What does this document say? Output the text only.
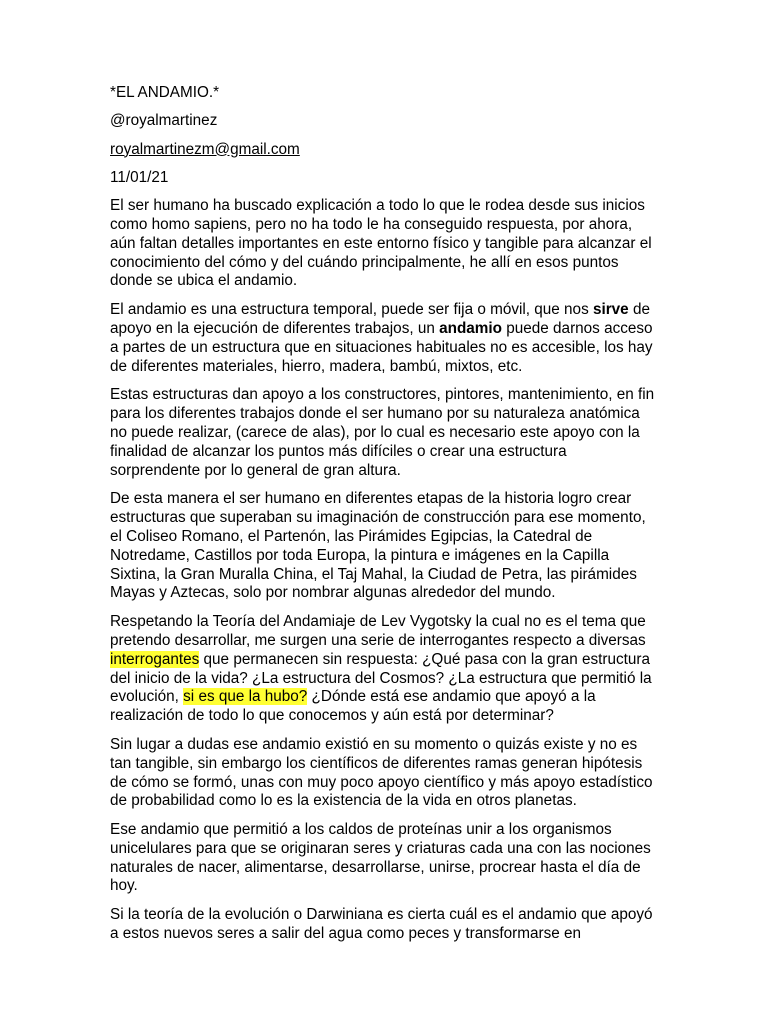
*EL ANDAMIO.*
@royalmartinez
royalmartinezm@gmail.com
11/01/21

El ser humano ha buscado explicación a todo lo que le rodea desde sus inicios como homo sapiens, pero no ha todo le ha conseguido respuesta, por ahora, aún faltan detalles importantes en este entorno físico y tangible para alcanzar el conocimiento del cómo y del cuándo principalmente, he allí en esos puntos donde se ubica el andamio.

El andamio es una estructura temporal, puede ser fija o móvil, que nos sirve de apoyo en la ejecución de diferentes trabajos, un andamio puede darnos acceso a partes de un estructura que en situaciones habituales no es accesible, los hay de diferentes materiales, hierro, madera, bambú, mixtos, etc.

Estas estructuras dan apoyo a los constructores, pintores, mantenimiento, en fin para los diferentes trabajos donde el ser humano por su naturaleza anatómica no puede realizar, (carece de alas), por lo cual es necesario este apoyo con la finalidad de alcanzar los puntos más difíciles o crear una estructura sorprendente por lo general de gran altura.

De esta manera el ser humano en diferentes etapas de la historia logro crear estructuras que superaban su imaginación de construcción para ese momento, el Coliseo Romano, el Partenón, las Pirámides Egipcias, la Catedral de Notredame, Castillos por toda Europa, la pintura e imágenes en la Capilla Sixtina, la Gran Muralla China, el Taj Mahal, la Ciudad de Petra, las pirámides Mayas y Aztecas, solo por nombrar algunas alrededor del mundo.

Respetando la Teoría del Andamiaje de Lev Vygotsky la cual no es el tema que pretendo desarrollar, me surgen una serie de interrogantes respecto a diversas interrogantes que permanecen sin respuesta: ¿Qué pasa con la gran estructura del inicio de la vida? ¿La estructura del Cosmos? ¿La estructura que permitió la evolución, si es que la hubo? ¿Dónde está ese andamio que apoyó a la realización de todo lo que conocemos y aún está por determinar?

Sin lugar a dudas ese andamio existió en su momento o quizás existe y no es tan tangible, sin embargo los científicos de diferentes ramas generan hipótesis de cómo se formó, unas con muy poco apoyo científico y más apoyo estadístico de probabilidad como lo es la existencia de la vida en otros planetas.

Ese andamio que permitió a los caldos de proteínas unir a los organismos unicelulares para que se originaran seres y criaturas cada una con las nociones naturales de nacer, alimentarse, desarrollarse, unirse, procrear hasta el día de hoy.

Si la teoría de la evolución o Darwiniana es cierta cuál es el andamio que apoyó a estos nuevos seres a salir del agua como peces y transformarse en
